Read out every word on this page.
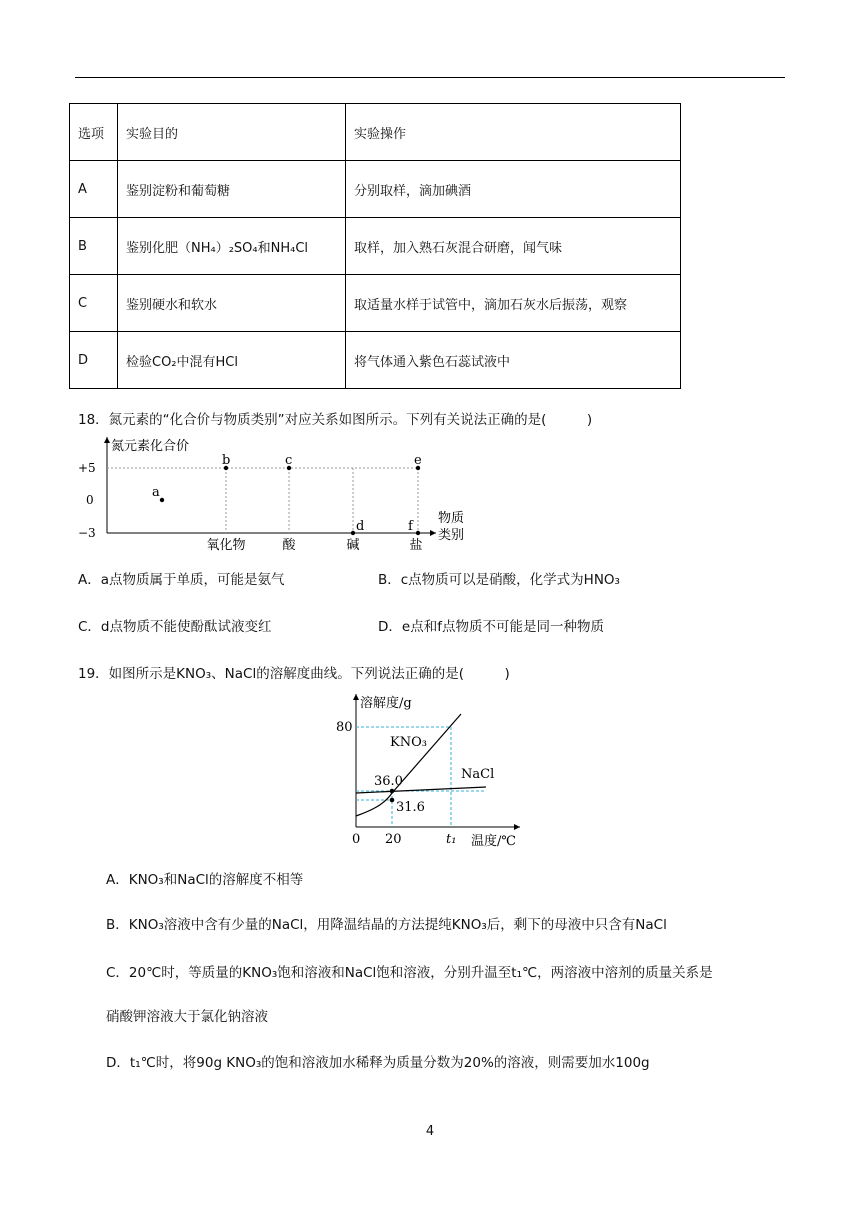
选项	实验目的	实验操作
A	鉴别淀粉和葡萄糖	分别取样，滴加碘酒
B	鉴别化肥（NH₄）₂SO₄和NH₄Cl	取样，加入熟石灰混合研磨，闻气味
C	鉴别硬水和软水	取适量水样于试管中，滴加石灰水后振荡，观察
D	检验CO₂中混有HCl	将气体通入紫色石蕊试液中
18．氮元素的“化合价与物质类别”对应关系如图所示。下列有关说法正确的是(　　　)
氮元素化合价
+5
0
−3
a
b	c
d
e
f
氧化物	酸	碱	盐
物质
类别
A．a点物质属于单质，可能是氨气	B．c点物质可以是硝酸，化学式为HNO₃
C．d点物质不能使酚酞试液变红	D．e点和f点物质不可能是同一种物质
19．如图所示是KNO₃、NaCl的溶解度曲线。下列说法正确的是(　　　)
溶解度/g
温度/℃
80
KNO₃
NaCl
36.0
31.6
0 20	t₁
A．KNO₃和NaCl的溶解度不相等
B．KNO₃溶液中含有少量的NaCl，用降温结晶的方法提纯KNO₃后，剩下的母液中只含有NaCl
C．20℃时，等质量的KNO₃饱和溶液和NaCl饱和溶液，分别升温至t₁℃，两溶液中溶剂的质量关系是
硝酸钾溶液大于氯化钠溶液
D．t₁℃时，将90g KNO₃的饱和溶液加水稀释为质量分数为20%的溶液，则需要加水100g
4
